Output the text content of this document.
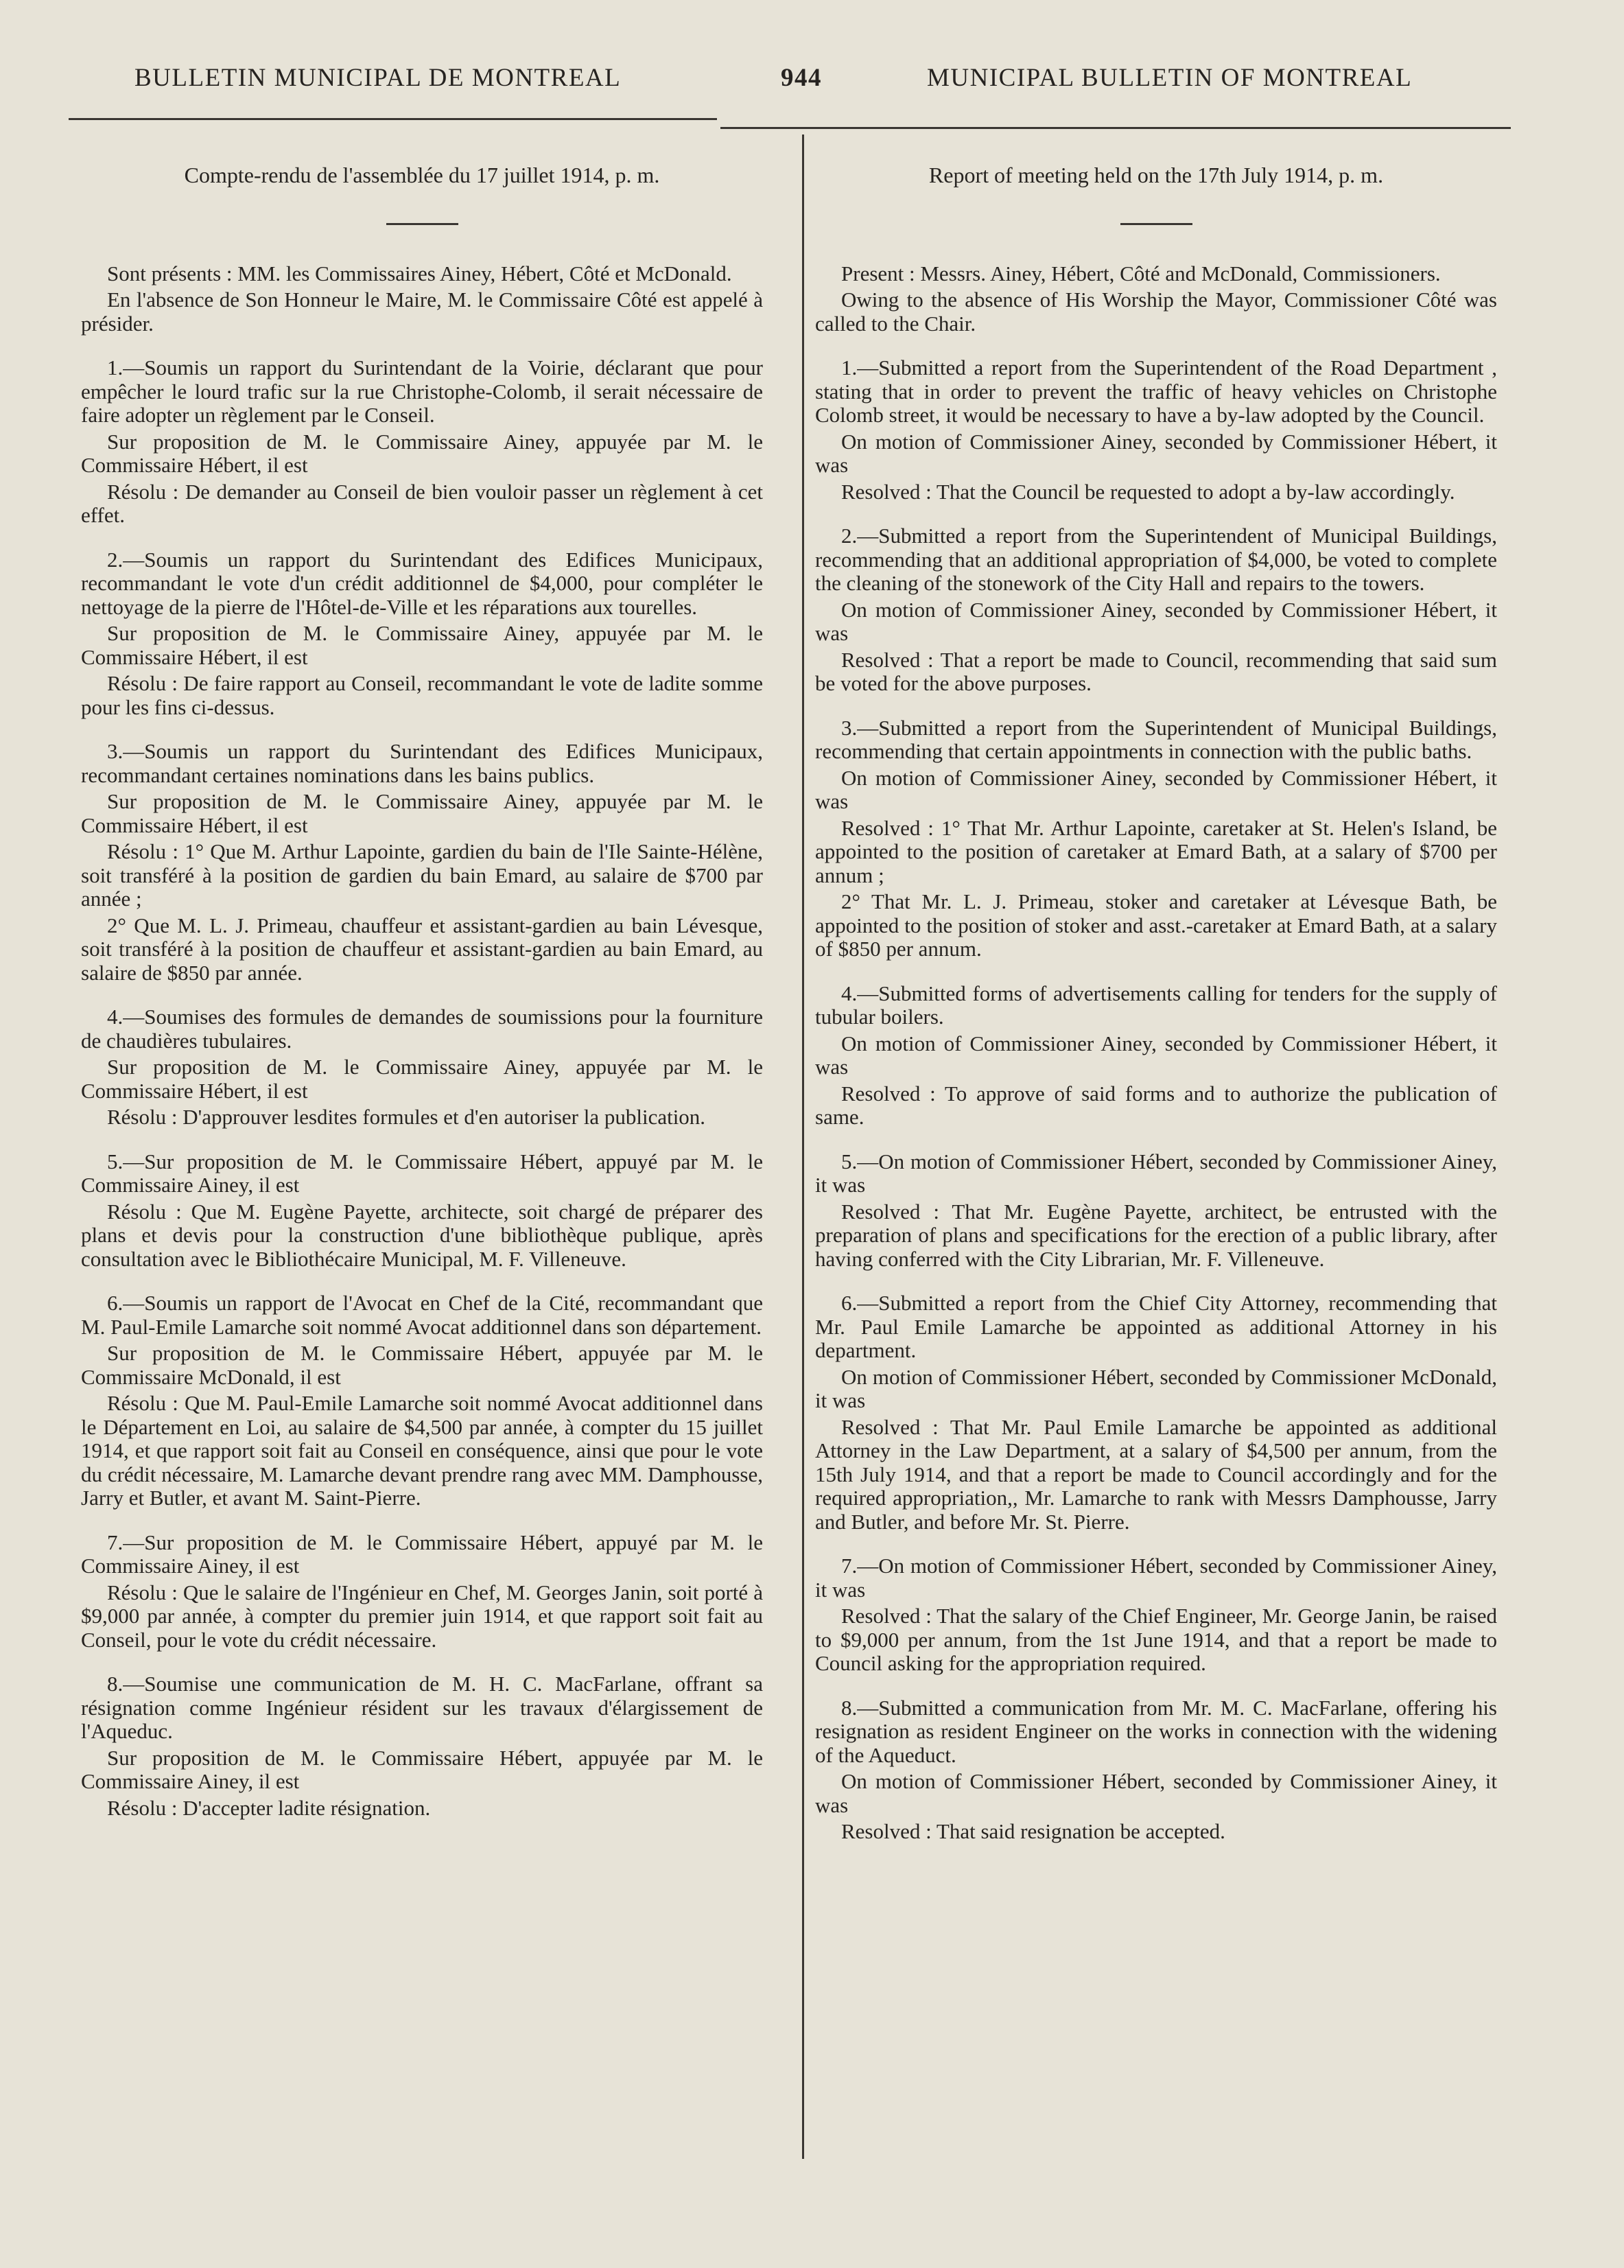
BULLETIN MUNICIPAL DE MONTREAL	944	MUNICIPAL BULLETIN OF MONTREAL
Compte-rendu de l'assemblée du 17 juillet 1914, p. m.

Sont présents : MM. les Commissaires Ainey, Hébert, Côté et McDonald.

En l'absence de Son Honneur le Maire, M. le Commissaire Côté est appelé à présider.

1.—Soumis un rapport du Surintendant de la Voirie, déclarant que pour empêcher le lourd trafic sur la rue Christophe-Colomb, il serait nécessaire de faire adopter un règlement par le Conseil.

Sur proposition de M. le Commissaire Ainey, appuyée par M. le Commissaire Hébert, il est

Résolu : De demander au Conseil de bien vouloir passer un règlement à cet effet.

2.—Soumis un rapport du Surintendant des Edifices Municipaux, recommandant le vote d'un crédit additionnel de $4,000, pour compléter le nettoyage de la pierre de l'Hôtel-de-Ville et les réparations aux tourelles.

Sur proposition de M. le Commissaire Ainey, appuyée par M. le Commissaire Hébert, il est

Résolu : De faire rapport au Conseil, recommandant le vote de ladite somme pour les fins ci-dessus.

3.—Soumis un rapport du Surintendant des Edifices Municipaux, recommandant certaines nominations dans les bains publics.

Sur proposition de M. le Commissaire Ainey, appuyée par M. le Commissaire Hébert, il est

Résolu : 1° Que M. Arthur Lapointe, gardien du bain de l'Ile Sainte-Hélène, soit transféré à la position de gardien du bain Emard, au salaire de $700 par année ;

2° Que M. L. J. Primeau, chauffeur et assistant-gardien au bain Lévesque, soit transféré à la position de chauffeur et assistant-gardien au bain Emard, au salaire de $850 par année.

4.—Soumises des formules de demandes de soumissions pour la fourniture de chaudières tubulaires.

Sur proposition de M. le Commissaire Ainey, appuyée par M. le Commissaire Hébert, il est

Résolu : D'approuver lesdites formules et d'en autoriser la publication.

5.—Sur proposition de M. le Commissaire Hébert, appuyé par M. le Commissaire Ainey, il est

Résolu : Que M. Eugène Payette, architecte, soit chargé de préparer des plans et devis pour la construction d'une bibliothèque publique, après consultation avec le Bibliothécaire Municipal, M. F. Villeneuve.

6.—Soumis un rapport de l'Avocat en Chef de la Cité, recommandant que M. Paul-Emile Lamarche soit nommé Avocat additionnel dans son département.

Sur proposition de M. le Commissaire Hébert, appuyée par M. le Commissaire McDonald, il est

Résolu : Que M. Paul-Emile Lamarche soit nommé Avocat additionnel dans le Département en Loi, au salaire de $4,500 par année, à compter du 15 juillet 1914, et que rapport soit fait au Conseil en conséquence, ainsi que pour le vote du crédit nécessaire, M. Lamarche devant prendre rang avec MM. Damphousse, Jarry et Butler, et avant M. Saint-Pierre.

7.—Sur proposition de M. le Commissaire Hébert, appuyé par M. le Commissaire Ainey, il est

Résolu : Que le salaire de l'Ingénieur en Chef, M. Georges Janin, soit porté à $9,000 par année, à compter du premier juin 1914, et que rapport soit fait au Conseil, pour le vote du crédit nécessaire.

8.—Soumise une communication de M. H. C. MacFarlane, offrant sa résignation comme Ingénieur résident sur les travaux d'élargissement de l'Aqueduc.

Sur proposition de M. le Commissaire Hébert, appuyée par M. le Commissaire Ainey, il est

Résolu : D'accepter ladite résignation.

Report of meeting held on the 17th July 1914, p. m.

Present : Messrs. Ainey, Hébert, Côté and McDonald, Commissioners.

Owing to the absence of His Worship the Mayor, Commissioner Côté was called to the Chair.

1.—Submitted a report from the Superintendent of the Road Department , stating that in order to prevent the traffic of heavy vehicles on Christophe Colomb street, it would be necessary to have a by-law adopted by the Council.

On motion of Commissioner Ainey, seconded by Commissioner Hébert, it was

Resolved : That the Council be requested to adopt a by-law accordingly.

2.—Submitted a report from the Superintendent of Municipal Buildings, recommending that an additional appropriation of $4,000, be voted to complete the cleaning of the stonework of the City Hall and repairs to the towers.

On motion of Commissioner Ainey, seconded by Commissioner Hébert, it was

Resolved : That a report be made to Council, recommending that said sum be voted for the above purposes.

3.—Submitted a report from the Superintendent of Municipal Buildings, recommending that certain appointments in connection with the public baths.

On motion of Commissioner Ainey, seconded by Commissioner Hébert, it was

Resolved : 1° That Mr. Arthur Lapointe, caretaker at St. Helen's Island, be appointed to the position of caretaker at Emard Bath, at a salary of $700 per annum ;

2° That Mr. L. J. Primeau, stoker and caretaker at Lévesque Bath, be appointed to the position of stoker and asst.-caretaker at Emard Bath, at a salary of $850 per annum.

4.—Submitted forms of advertisements calling for tenders for the supply of tubular boilers.

On motion of Commissioner Ainey, seconded by Commissioner Hébert, it was

Resolved : To approve of said forms and to authorize the publication of same.

5.—On motion of Commissioner Hébert, seconded by Commissioner Ainey, it was

Resolved : That Mr. Eugène Payette, architect, be entrusted with the preparation of plans and specifications for the erection of a public library, after having conferred with the City Librarian, Mr. F. Villeneuve.

6.—Submitted a report from the Chief City Attorney, recommending that Mr. Paul Emile Lamarche be appointed as additional Attorney in his department.

On motion of Commissioner Hébert, seconded by Commissioner McDonald, it was

Resolved : That Mr. Paul Emile Lamarche be appointed as additional Attorney in the Law Department, at a salary of $4,500 per annum, from the 15th July 1914, and that a report be made to Council accordingly and for the required appropriation,, Mr. Lamarche to rank with Messrs Damphousse, Jarry and Butler, and before Mr. St. Pierre.

7.—On motion of Commissioner Hébert, seconded by Commissioner Ainey, it was

Resolved : That the salary of the Chief Engineer, Mr. George Janin, be raised to $9,000 per annum, from the 1st June 1914, and that a report be made to Council asking for the appropriation required.

8.—Submitted a communication from Mr. M. C. MacFarlane, offering his resignation as resident Engineer on the works in connection with the widening of the Aqueduct.

On motion of Commissioner Hébert, seconded by Commissioner Ainey, it was

Resolved : That said resignation be accepted.
